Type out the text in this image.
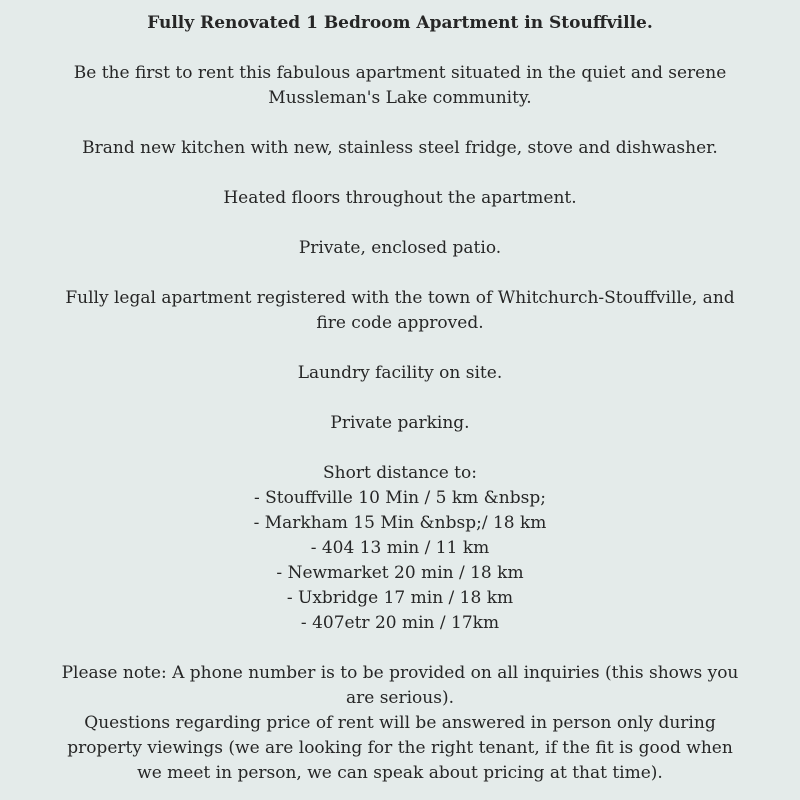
Fully Renovated 1 Bedroom Apartment in Stouffville.
Be the first to rent this fabulous apartment situated in the quiet and serene Mussleman's Lake community.
Brand new kitchen with new, stainless steel fridge, stove and dishwasher.
Heated floors throughout the apartment.
Private, enclosed patio.
Fully legal apartment registered with the town of Whitchurch-Stouffville, and fire code approved.
Laundry facility on site.
Private parking.
Short distance to:
- Stouffville 10 Min / 5 km &nbsp;
- Markham 15 Min &nbsp;/ 18 km
- 404 13 min / 11 km
- Newmarket 20 min / 18 km
- Uxbridge 17 min / 18 km
- 407etr 20 min / 17km
Please note: A phone number is to be provided on all inquiries (this shows you are serious).
Questions regarding price of rent will be answered in person only during property viewings (we are looking for the right tenant, if the fit is good when we meet in person, we can speak about pricing at that time).
